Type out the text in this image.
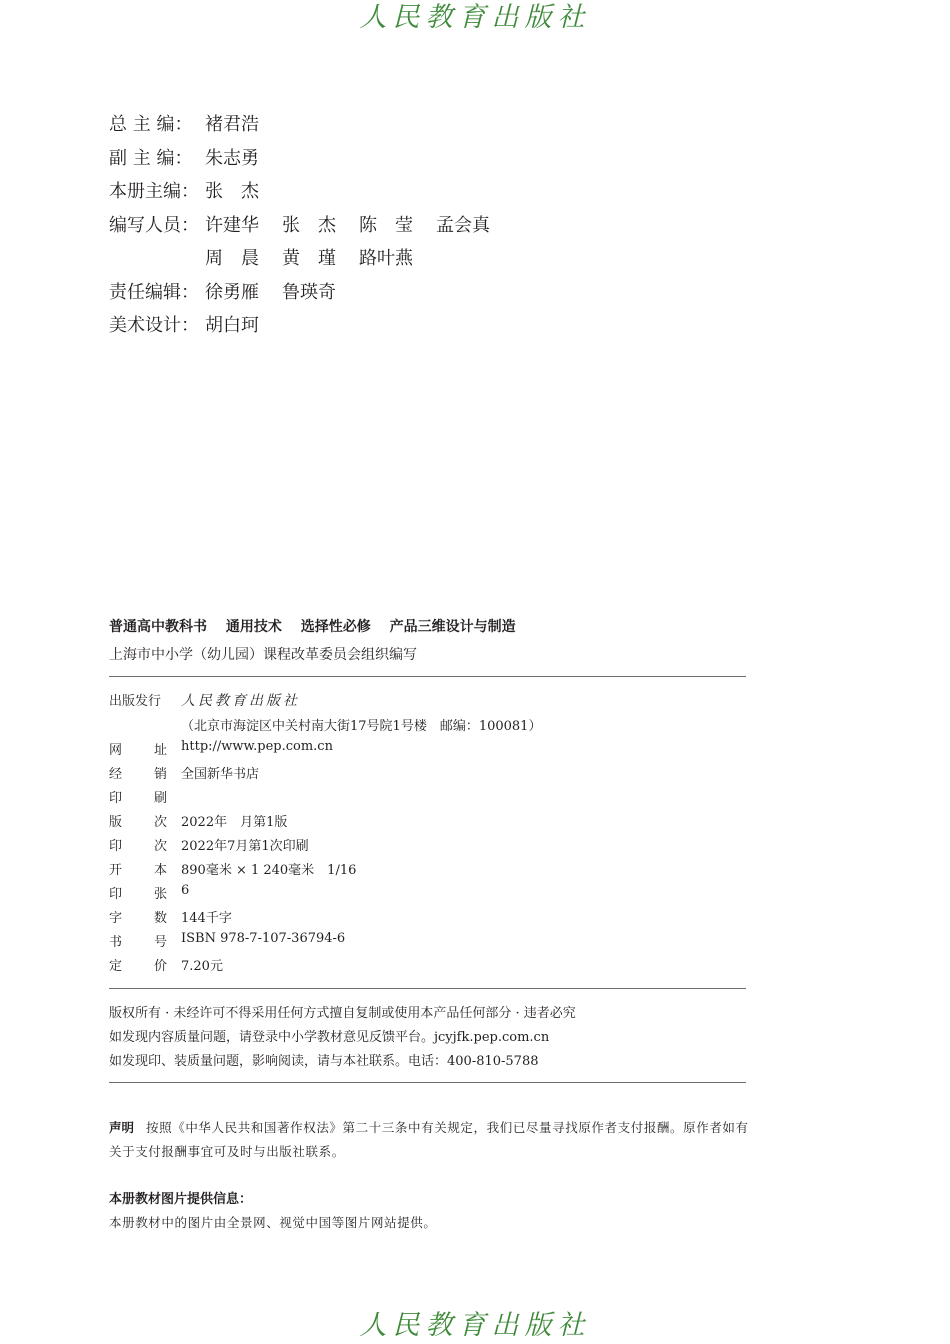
人民教育出版社
总 主 编： 褚君浩
副 主 编： 朱志勇
本册主编： 张　杰
编写人员： 许建华 张　杰 陈　莹 孟会真
周　晨 黄　瑾 路叶燕
责任编辑： 徐勇雁 鲁瑛奇
美术设计： 胡白珂
普通高中教科书 通用技术 选择性必修 产品三维设计与制造
上海市中小学（幼儿园）课程改革委员会组织编写
出版发行	人民教育出版社
（北京市海淀区中关村南大街17号院1号楼　邮编：100081）
网 址 http://www.pep.com.cn
经 销 全国新华书店
印 刷
版 次 2022年　月第1版
印 次 2022年7月第1次印刷
开 本 890毫米 × 1 240毫米　1/16
印 张 6
字 数 144千字
书 号 ISBN 978-7-107-36794-6
定 价 7.20元
版权所有 · 未经许可不得采用任何方式擅自复制或使用本产品任何部分 · 违者必究
如发现内容质量问题，请登录中小学教材意见反馈平台。jcyjfk.pep.com.cn
如发现印、装质量问题，影响阅读，请与本社联系。电话：400-810-5788
声明 按照《中华人民共和国著作权法》第二十三条中有关规定，我们已尽量寻找原作者支付报酬。原作者如有关于支付报酬事宜可及时与出版社联系。
本册教材图片提供信息：
本册教材中的图片由全景网、视觉中国等图片网站提供。
人民教育出版社
